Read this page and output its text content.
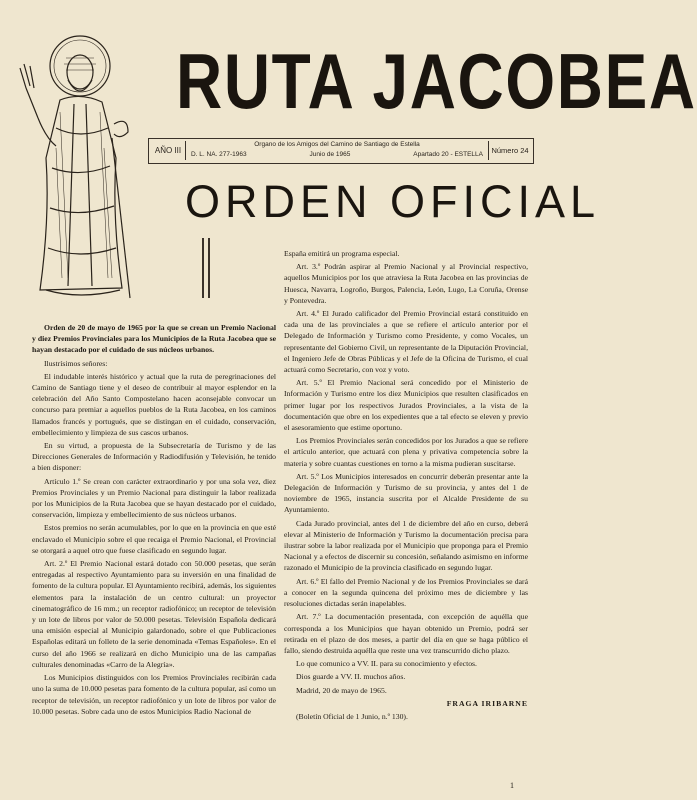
RUTA JACOBEA
AÑO III
Organo de los Amigos del Camino de Santiago de Estella
D. L. NA. 277-1963	Junio de 1965	Apartado 20 - ESTELLA	Número 24
ORDEN OFICIAL

Orden de 20 de mayo de 1965 por la que se crean un Premio Nacional y diez Premios Provinciales para los Municipios de la Ruta Jacobea que se hayan destacado por el cuidado de sus núcleos urbanos.

Ilustrísimos señores:

El indudable interés histórico y actual que la ruta de peregrinaciones del Camino de Santiago tiene y el deseo de contribuir al mayor esplendor en la celebración del Año Santo Compostelano hacen aconsejable convocar un concurso para premiar a aquellos pueblos de la Ruta Jacobea, en los caminos llamados francés y portugués, que se distingan en el cuidado, conservación, embellecimiento y limpieza de sus cascos urbanos.

En su virtud, a propuesta de la Subsecretaría de Turismo y de las Direcciones Generales de Información y Radiodifusión y Televisión, he tenido a bien disponer:

Artículo 1.º Se crean con carácter extraordinario y por una sola vez, diez Premios Provinciales y un Premio Nacional para distinguir la labor realizada por los Municipios de la Ruta Jacobea que se hayan destacado por el cuidado, conservación, limpieza y embellecimiento de sus núcleos urbanos.

Estos premios no serán acumulables, por lo que en la provincia en que esté enclavado el Municipio sobre el que recaiga el Premio Nacional, el Provincial se otorgará a aquel otro que fuese clasificado en segundo lugar.

Art. 2.º El Premio Nacional estará dotado con 50.000 pesetas, que serán entregadas al respectivo Ayuntamiento para su inversión en una finalidad de fomento de la cultura popular. El Ayuntamiento recibirá, además, los siguientes elementos para la instalación de un centro cultural: un proyector cinematográfico de 16 mm.; un receptor radiofónico; un receptor de televisión y un lote de libros por valor de 50.000 pesetas. Televisión Española dedicará una emisión especial al Municipio galardonado, sobre el que Publicaciones Españolas editará un folleto de la serie denominada «Temas Españoles». En el curso del año 1966 se realizará en dicho Municipio una de las campañas culturales denominadas «Carro de la Alegría».

Los Municipios distinguidos con los Premios Provinciales recibirán cada uno la suma de 10.000 pesetas para fomento de la cultura popular, así como un receptor de televisión, un receptor radiofónico y un lote de libros por valor de 10.000 pesetas. Sobre cada uno de estos Municipios Radio Nacional de

España emitirá un programa especial.

Art. 3.º Podrán aspirar al Premio Nacional y al Provincial respectivo, aquellos Municipios por los que atraviesa la Ruta Jacobea en las provincias de Huesca, Navarra, Logroño, Burgos, Palencia, León, Lugo, La Coruña, Orense y Pontevedra.

Art. 4.º El Jurado calificador del Premio Provincial estará constituido en cada una de las provinciales a que se refiere el artículo anterior por el Delegado de Información y Turismo como Presidente, y como Vocales, un representante del Gobierno Civil, un representante de la Diputación Provincial, el Ingeniero Jefe de Obras Públicas y el Jefe de la Oficina de Turismo, el cual actuará como Secretario, con voz y voto.

Art. 5.º El Premio Nacional será concedido por el Ministerio de Información y Turismo entre los diez Municipios que resulten clasificados en primer lugar por los respectivos Jurados Provinciales, a la vista de la documentación que obre en los expedientes que a tal efecto se eleven y previo el asesoramiento que estime oportuno.

Los Premios Provinciales serán concedidos por los Jurados a que se refiere el artículo anterior, que actuará con plena y privativa competencia sobre la materia y sobre cuantas cuestiones en torno a la misma pudieran suscitarse.

Art. 5.º Los Municipios interesados en concurrir deberán presentar ante la Delegación de Información y Turismo de su provincia, y antes del 1 de noviembre de 1965, instancia suscrita por el Alcalde Presidente de su Ayuntamiento.

Cada Jurado provincial, antes del 1 de diciembre del año en curso, deberá elevar al Ministerio de Información y Turismo la documentación precisa para ilustrar sobre la labor realizada por el Municipio que proponga para el Premio Nacional y a efectos de discernir su concesión, señalando asimismo en informe razonado el Municipio de la provincia clasificado en segundo lugar.

Art. 6.º El fallo del Premio Nacional y de los Premios Provinciales se dará a conocer en la segunda quincena del próximo mes de diciembre y las resoluciones dictadas serán inapelables.

Art. 7.º La documentación presentada, con excepción de aquélla que corresponda a los Municipios que hayan obtenido un Premio, podrá ser retirada en el plazo de dos meses, a partir del día en que se haga público el fallo, siendo destruida aquélla que reste una vez transcurrido dicho plazo.

Lo que comunico a VV. II. para su conocimiento y efectos.

Dios guarde a VV. II. muchos años.

Madrid, 20 de mayo de 1965.

FRAGA IRIBARNE

(Boletín Oficial de 1 Junio, n.º 130).

1
